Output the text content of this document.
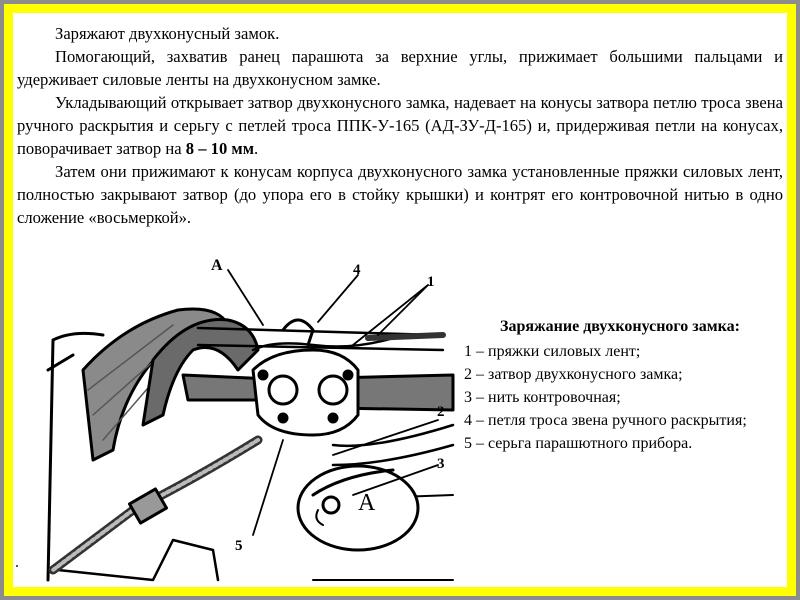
Заряжают двухконусный замок.

Помогающий, захватив ранец парашюта за верхние углы, прижимает большими пальцами и удерживает силовые ленты на двухконусном замке.

Укладывающий открывает затвор двухконусного замка, надевает на конусы затвора петлю троса звена ручного раскрытия и серьгу с петлей троса ППК-У-165 (АД-ЗУ-Д-165) и, придерживая петли на конусах, поворачивает затвор на 8 – 10 мм.

Затем они прижимают к конусам корпуса двухконусного замка установленные пряжки силовых лент, полностью закрывают затвор (до упора его в стойку крышки) и контрят его контровочной нитью в одно сложение «восьмеркой».

А	4
1
2
3
5
А

Заряжание двухконусного замка:

1 – пряжки силовых лент;

2 – затвор двухконусного замка;

3 – нить контровочная;

4 – петля троса звена ручного раскрытия;

5 – серьга парашютного прибора.
